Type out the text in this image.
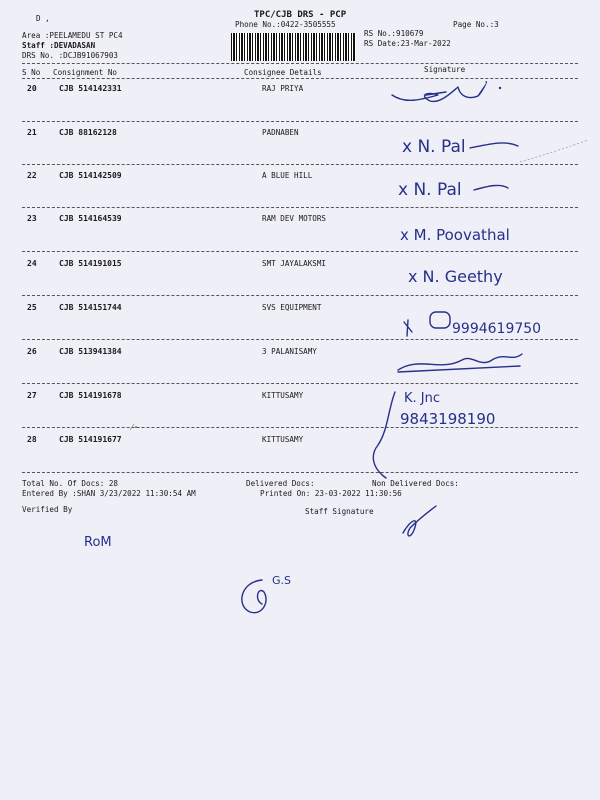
D ,	TPC/CJB DRS - PCP
Phone No.:0422-3505555	Page No.:3
Area :PEELAMEDU ST PC4
Staff :DEVADASAN
DRS No. :DCJB91067903
RS No.:910679
RS Date:23-Mar-2022
S No Consignment No	Consignee Details	Signature
20	CJB 514142331	RAJ PRIYA
21	CJB 88162128	PADNABEN
22	CJB 514142509	A BLUE HILL
23	CJB 514164539	RAM DEV MOTORS
24	CJB 514191015	SMT JAYALAKSMI
25	CJB 514151744	SVS EQUIPMENT
26	CJB 513941384	3 PALANISAMY
27	CJB 514191678	KITTUSAMY
28	CJB 514191677	KITTUSAMY
Total No. Of Docs: 28	Delivered Docs:	Non Delivered Docs:
Entered By :SHAN 3/23/2022 11:30:54 AM	Printed On: 23-03-2022 11:30:56
Verified By	Staff Signature
x N. Pal
x N. Pal
x M. Poovathal
x N. Geethy
9994619750
K. Jnc
9843198190
RoM
G.S
